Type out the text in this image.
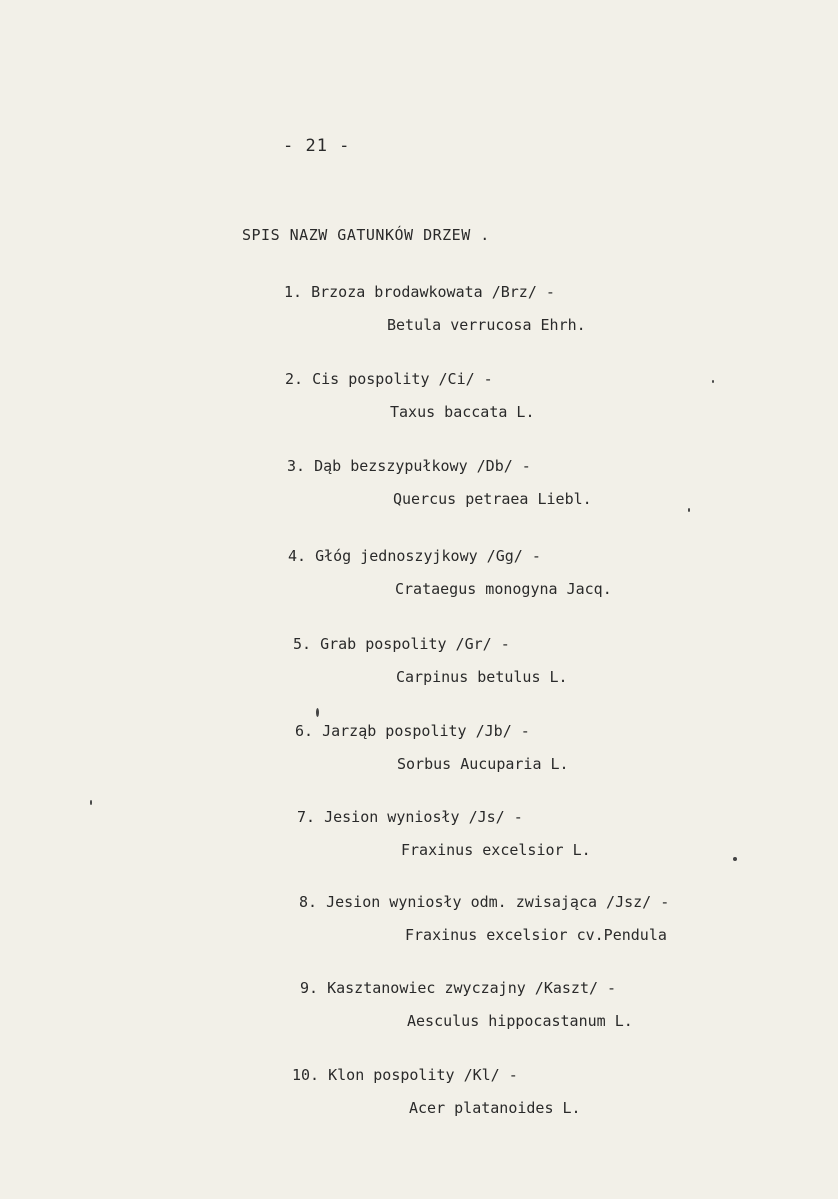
- 21 -
SPIS NAZW GATUNKÓW DRZEW .
1. Brzoza brodawkowata /Brz/ -
Betula verrucosa Ehrh.
2. Cis pospolity /Ci/ -
Taxus baccata L.
3. Dąb bezszypułkowy /Db/ -
Quercus petraea Liebl.
4. Głóg jednoszyjkowy /Gg/ -
Crataegus monogyna Jacq.
5. Grab pospolity /Gr/ -
Carpinus betulus L.
6. Jarząb pospolity /Jb/ -
Sorbus Aucuparia L.
7. Jesion wyniosły /Js/ -
Fraxinus excelsior L.
8. Jesion wyniosły odm. zwisająca /Jsz/ -
Fraxinus excelsior cv.Pendula
9. Kasztanowiec zwyczajny /Kaszt/ -
Aesculus hippocastanum L.
10. Klon pospolity /Kl/ -
Acer platanoides L.
